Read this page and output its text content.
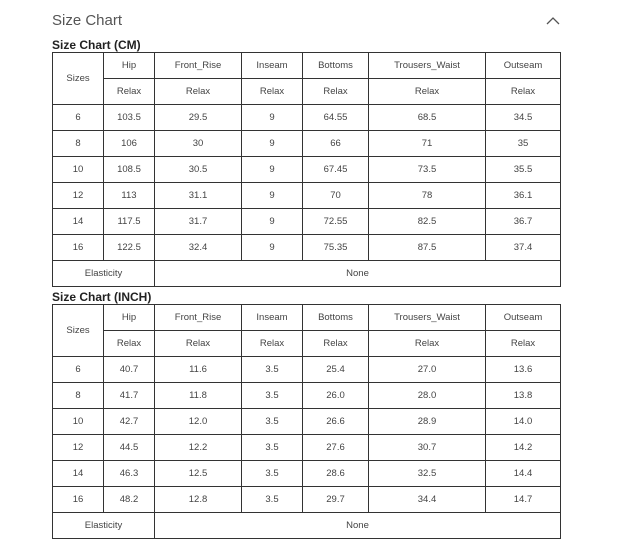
Size Chart
Size Chart (CM)
Sizes	Hip	Front_Rise	Inseam	Bottoms	Trousers_Waist	Outseam
	Relax	Relax	Relax	Relax	Relax	Relax
6	103.5	29.5	9	64.55	68.5	34.5
8	106	30	9	66	71	35
10	108.5	30.5	9	67.45	73.5	35.5
12	113	31.1	9	70	78	36.1
14	117.5	31.7	9	72.55	82.5	36.7
16	122.5	32.4	9	75.35	87.5	37.4
Elasticity		None				
Size Chart (INCH)
Sizes	Hip	Front_Rise	Inseam	Bottoms	Trousers_Waist	Outseam
	Relax	Relax	Relax	Relax	Relax	Relax
6	40.7	11.6	3.5	25.4	27.0	13.6
8	41.7	11.8	3.5	26.0	28.0	13.8
10	42.7	12.0	3.5	26.6	28.9	14.0
12	44.5	12.2	3.5	27.6	30.7	14.2
14	46.3	12.5	3.5	28.6	32.5	14.4
16	48.2	12.8	3.5	29.7	34.4	14.7
Elasticity		None				
